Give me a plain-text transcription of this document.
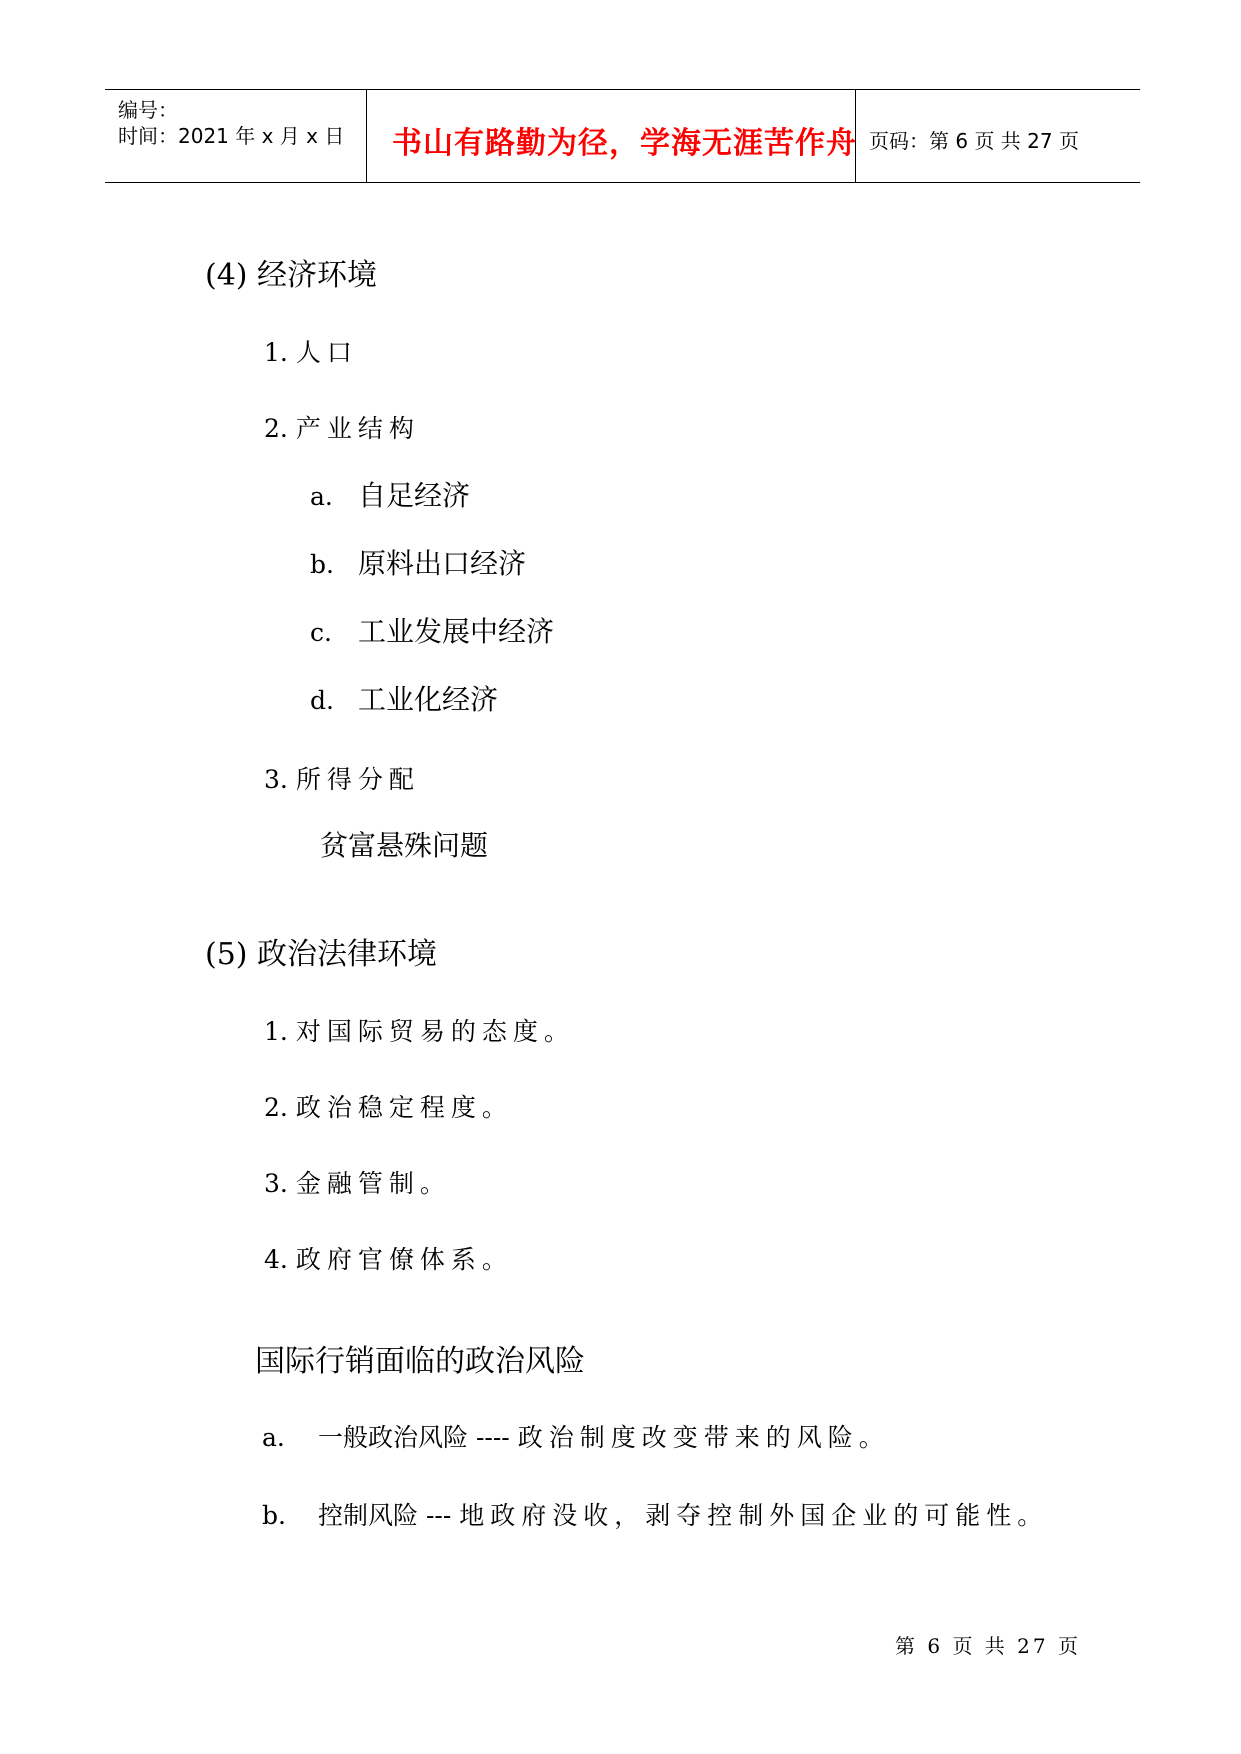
编号：
时间：2021 年 x 月 x 日 书山有路勤为径，学海无涯苦作舟 页码：第 6 页 共 27 页
(4) 经济环境
1. 人口
2. 产业结构
a. 自足经济
b. 原料出口经济
c. 工业发展中经济
d. 工业化经济
3. 所得分配
贫富悬殊问题
(5) 政治法律环境
1. 对国际贸易的态度。
2. 政治稳定程度。
3. 金融管制。
4. 政府官僚体系。
国际行销面临的政治风险
a. 一般政治风险 ---- 政治制度改变带来的风险。
b. 控制风险 --- 地政府没收，剥夺控制外国企业的可能性。
第 6 页 共 27 页
